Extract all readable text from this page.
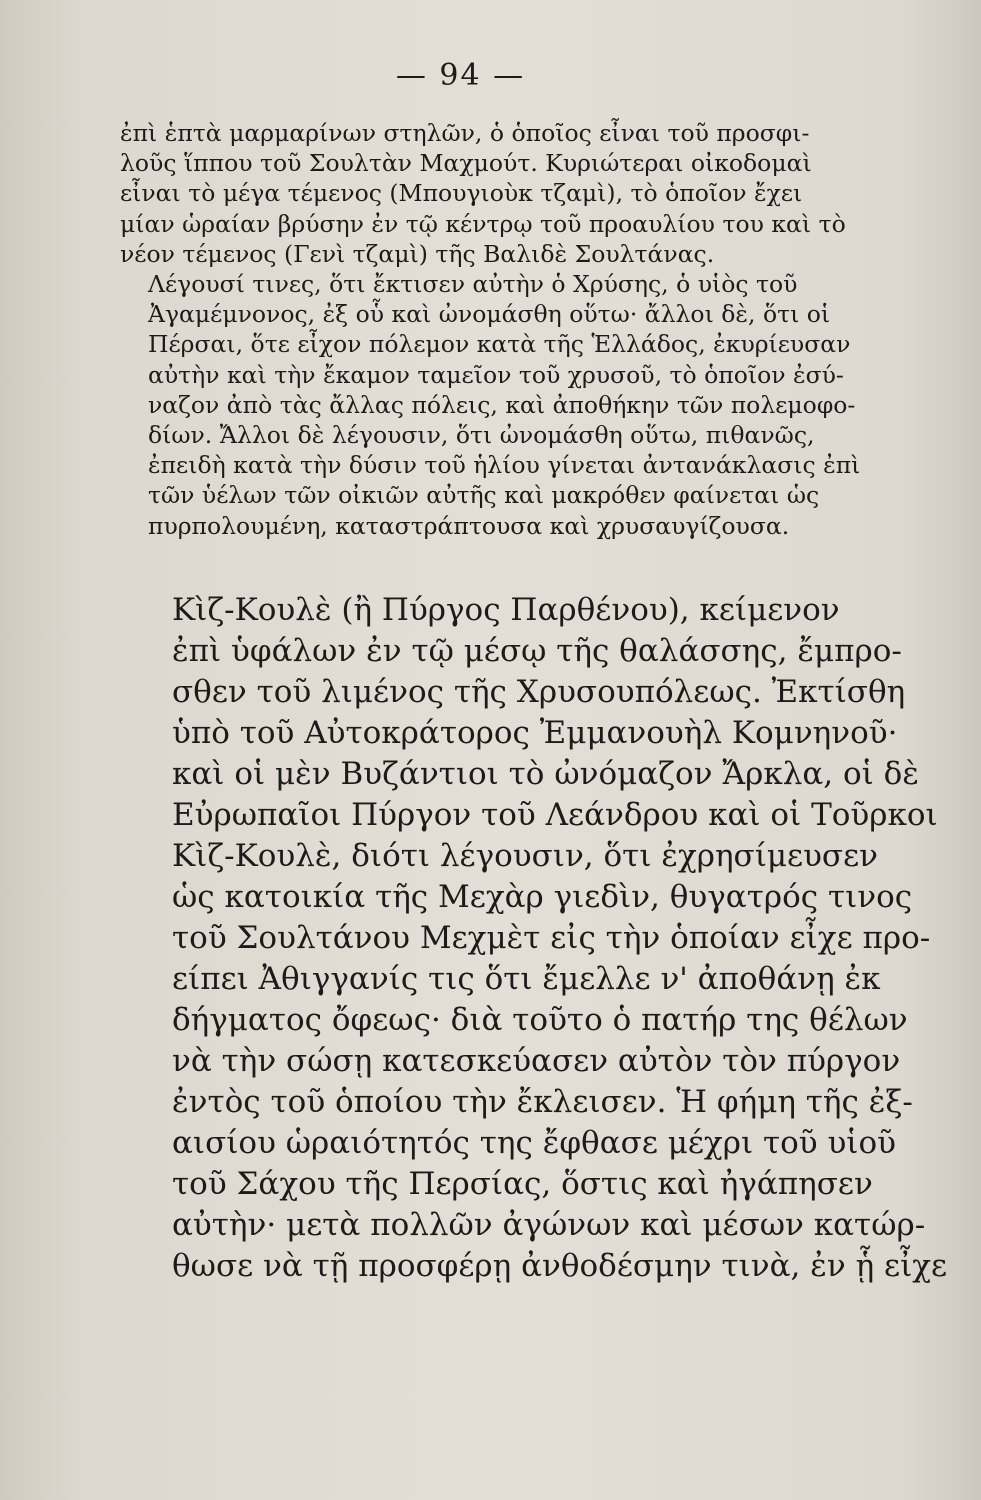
— 94 —

ἐπὶ ἑπτὰ μαρμαρίνων στηλῶν, ὁ ὁποῖος εἶναι τοῦ προσφι-
λοῦς ἵππου τοῦ Σουλτὰν Μαχμούτ. Κυριώτεραι οἰκοδομαὶ
εἶναι τὸ μέγα τέμενος (Μπουγιοὺκ τζαμὶ), τὸ ὁποῖον ἔχει
μίαν ὡραίαν βρύσην ἐν τῷ κέντρῳ τοῦ προαυλίου του καὶ τὸ
νέον τέμενος (Γενὶ τζαμὶ) τῆς Βαλιδὲ Σουλτάνας.

Λέγουσί τινες, ὅτι ἔκτισεν αὐτὴν ὁ Χρύσης, ὁ υἱὸς τοῦ
Ἀγαμέμνονος, ἐξ οὗ καὶ ὠνομάσθη οὕτω· ἄλλοι δὲ, ὅτι οἱ
Πέρσαι, ὅτε εἶχον πόλεμον κατὰ τῆς Ἑλλάδος, ἐκυρίευσαν
αὐτὴν καὶ τὴν ἔκαμον ταμεῖον τοῦ χρυσοῦ, τὸ ὁποῖον ἐσύ-
ναζον ἀπὸ τὰς ἄλλας πόλεις, καὶ ἀποθήκην τῶν πολεμοφο-
δίων. Ἄλλοι δὲ λέγουσιν, ὅτι ὠνομάσθη οὕτω, πιθανῶς,
ἐπειδὴ κατὰ τὴν δύσιν τοῦ ἡλίου γίνεται ἀντανάκλασις ἐπὶ
τῶν ὑέλων τῶν οἰκιῶν αὐτῆς καὶ μακρόθεν φαίνεται ὡς
πυρπολουμένη, καταστράπτουσα καὶ χρυσαυγίζουσα.

Κὶζ-Κουλὲ (ἢ Πύργος Παρθένου), κείμενον
ἐπὶ ὑφάλων ἐν τῷ μέσῳ τῆς θαλάσσης, ἔμπρο-
σθεν τοῦ λιμένος τῆς Χρυσουπόλεως. Ἐκτίσθη
ὑπὸ τοῦ Αὐτοκράτορος Ἐμμανουὴλ Κομνηνοῦ·
καὶ οἱ μὲν Βυζάντιοι τὸ ὠνόμαζον Ἄρκλα, οἱ δὲ
Εὐρωπαῖοι Πύργον τοῦ Λεάνδρου καὶ οἱ Τοῦρκοι
Κὶζ-Κουλὲ, διότι λέγουσιν, ὅτι ἐχρησίμευσεν
ὡς κατοικία τῆς Μεχὰρ γιεδὶν, θυγατρός τινος
τοῦ Σουλτάνου Μεχμὲτ εἰς τὴν ὁποίαν εἶχε προ-
είπει Ἀθιγγανίς τις ὅτι ἔμελλε ν' ἀποθάνῃ ἐκ
δήγματος ὄφεως· διὰ τοῦτο ὁ πατήρ της θέλων
νὰ τὴν σώσῃ κατεσκεύασεν αὐτὸν τὸν πύργον
ἐντὸς τοῦ ὁποίου τὴν ἔκλεισεν. Ἡ φήμη τῆς ἐξ-
αισίου ὡραιότητός της ἔφθασε μέχρι τοῦ υἱοῦ
τοῦ Σάχου τῆς Περσίας, ὅστις καὶ ἠγάπησεν
αὐτὴν· μετὰ πολλῶν ἀγώνων καὶ μέσων κατώρ-
θωσε νὰ τῇ προσφέρῃ ἀνθοδέσμην τινὰ, ἐν ᾗ εἶχε
